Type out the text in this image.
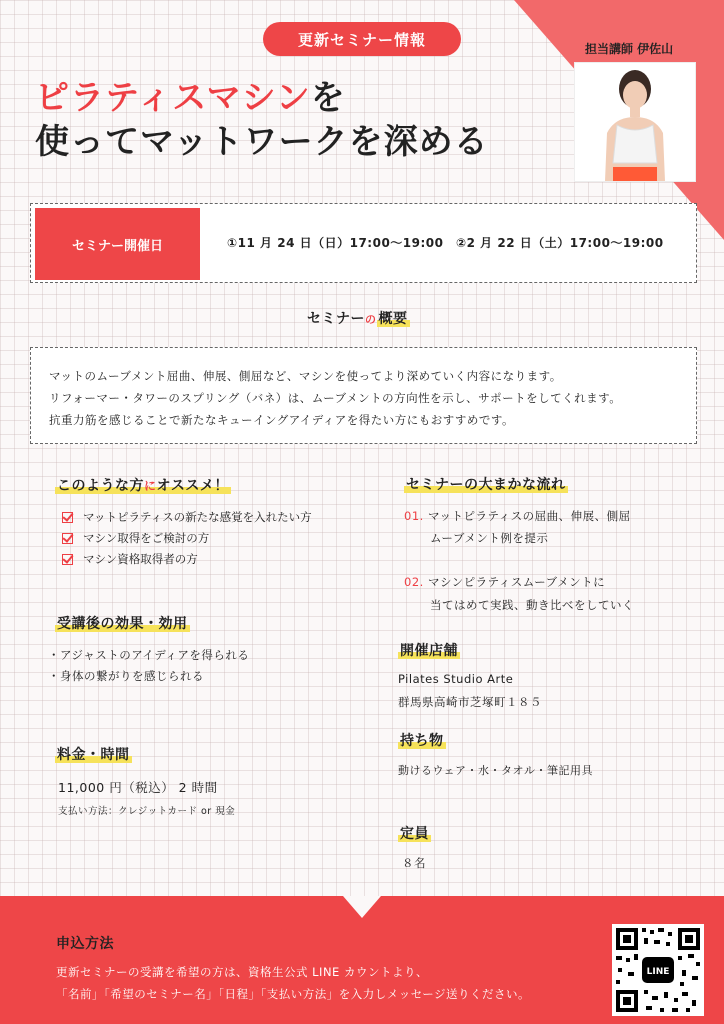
更新セミナー情報
ピラティスマシンを
使ってマットワークを深める
担当講師 伊佐山
セミナー開催日	①11 月 24 日（日）17:00〜19:00　②2 月 22 日（土）17:00〜19:00
セミナーの 概要
マットのムーブメント屈曲、伸展、側屈など、マシンを使ってより深めていく内容になります。
リフォーマー・タワーのスプリング（バネ）は、ムーブメントの方向性を示し、サポートをしてくれます。
抗重力筋を感じることで新たなキューイングアイディアを得たい方にもおすすめです。
このような方にオススメ！
マットピラティスの新たな感覚を入れたい方
マシン取得をご検討の方
マシン資格取得者の方
セミナーの大まかな流れ
01. マットピラティスの屈曲、伸展、側屈
ムーブメント例を提示
02. マシンピラティスムーブメントに
当てはめて実践、動き比べをしていく
受講後の効果・効用
・アジャストのアイディアを得られる
・身体の繋がりを感じられる
開催店舗
Pilates Studio Arte
群馬県高崎市芝塚町１８５
持ち物
動けるウェア・水・タオル・筆記用具
料金・時間
11,000 円（税込） 2 時間
支払い方法：クレジットカード or 現金
定員
８名
申込方法
更新セミナーの受講を希望の方は、資格生公式 LINE カウントより、
「名前」「希望のセミナー名」「日程」「支払い方法」を入力しメッセージ送りください。
LINE
